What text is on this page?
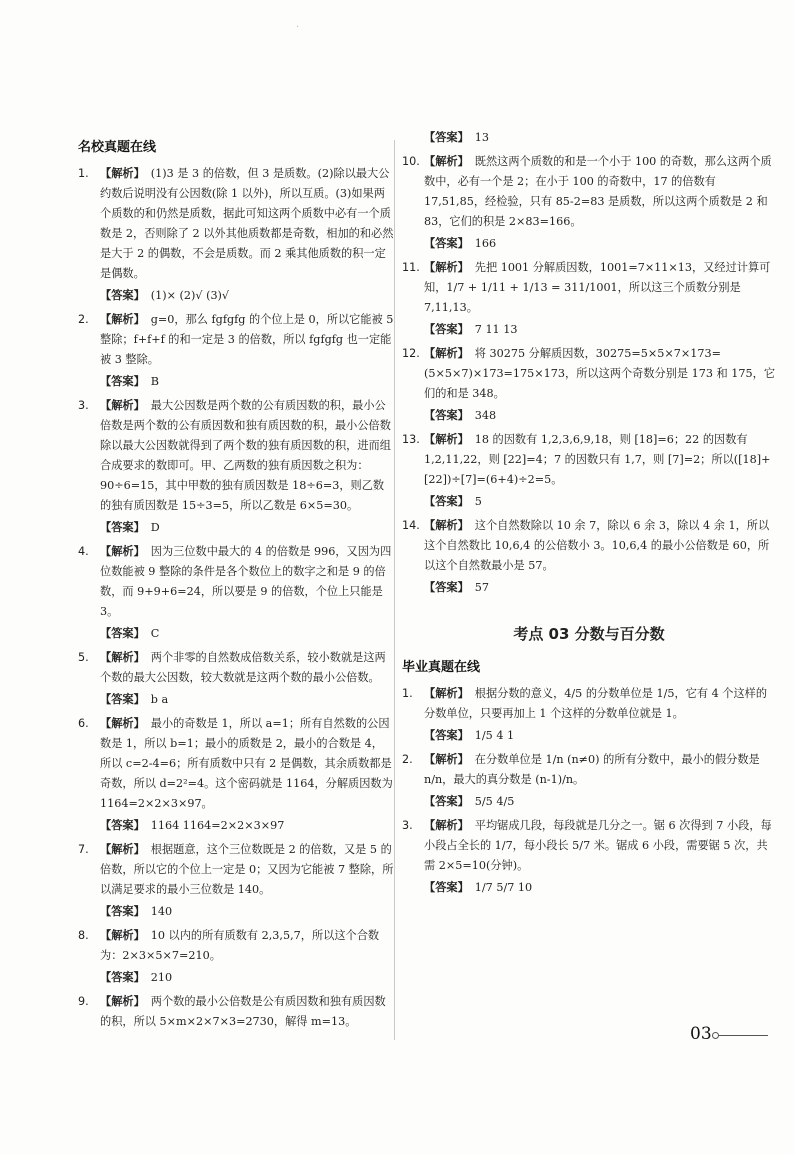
·
名校真题在线
1. 【解析】 (1)3 是 3 的倍数，但 3 是质数。(2)除以最大公约数后说明没有公因数(除 1 以外)，所以互质。(3)如果两个质数的和仍然是质数，据此可知这两个质数中必有一个质数是 2，否则除了 2 以外其他质数都是奇数，相加的和必然是大于 2 的偶数，不会是质数。而 2 乘其他质数的积一定是偶数。
【答案】 (1)× (2)√ (3)√
2. 【解析】 g=0，那么 fgfgfg 的个位上是 0，所以它能被 5 整除；f+f+f 的和一定是 3 的倍数，所以 fgfgfg 也一定能被 3 整除。
【答案】 B
3. 【解析】 最大公因数是两个数的公有质因数的积，最小公倍数是两个数的公有质因数和独有质因数的积，最小公倍数除以最大公因数就得到了两个数的独有质因数的积，进而组合成要求的数即可。甲、乙两数的独有质因数之积为：90÷6=15，其中甲数的独有质因数是 18÷6=3，则乙数的独有质因数是 15÷3=5，所以乙数是 6×5=30。
【答案】 D
4. 【解析】 因为三位数中最大的 4 的倍数是 996，又因为四位数能被 9 整除的条件是各个数位上的数字之和是 9 的倍数，而 9+9+6=24，所以要是 9 的倍数，个位上只能是 3。
【答案】 C
5. 【解析】 两个非零的自然数成倍数关系，较小数就是这两个数的最大公因数，较大数就是这两个数的最小公倍数。
【答案】 b a
6. 【解析】 最小的奇数是 1，所以 a=1；所有自然数的公因数是 1，所以 b=1；最小的质数是 2，最小的合数是 4，所以 c=2-4=6；所有质数中只有 2 是偶数，其余质数都是奇数，所以 d=2²=4。这个密码就是 1164，分解质因数为 1164=2×2×3×97。
【答案】 1164 1164=2×2×3×97
7. 【解析】 根据题意，这个三位数既是 2 的倍数，又是 5 的倍数，所以它的个位上一定是 0；又因为它能被 7 整除，所以满足要求的最小三位数是 140。
【答案】 140
8. 【解析】 10 以内的所有质数有 2,3,5,7，所以这个合数为：2×3×5×7=210。
【答案】 210
9. 【解析】 两个数的最小公倍数是公有质因数和独有质因数的积，所以 5×m×2×7×3=2730，解得 m=13。
【答案】 13
10. 【解析】 既然这两个质数的和是一个小于 100 的奇数，那么这两个质数中，必有一个是 2；在小于 100 的奇数中，17 的倍数有 17,51,85，经检验，只有 85-2=83 是质数，所以这两个质数是 2 和 83，它们的积是 2×83=166。
【答案】 166
11. 【解析】 先把 1001 分解质因数，1001=7×11×13，又经过计算可知，1/7 + 1/11 + 1/13 = 311/1001，所以这三个质数分别是 7,11,13。
【答案】 7 11 13
12. 【解析】 将 30275 分解质因数，30275=5×5×7×173=(5×5×7)×173=175×173，所以这两个奇数分别是 173 和 175，它们的和是 348。
【答案】 348
13. 【解析】 18 的因数有 1,2,3,6,9,18，则 [18]=6；22 的因数有 1,2,11,22，则 [22]=4；7 的因数只有 1,7，则 [7]=2；所以([18]+[22])÷[7]=(6+4)÷2=5。
【答案】 5
14. 【解析】 这个自然数除以 10 余 7，除以 6 余 3，除以 4 余 1，所以这个自然数比 10,6,4 的公倍数小 3。10,6,4 的最小公倍数是 60，所以这个自然数最小是 57。
【答案】 57
考点 03 分数与百分数
毕业真题在线
1. 【解析】 根据分数的意义，4/5 的分数单位是 1/5，它有 4 个这样的分数单位，只要再加上 1 个这样的分数单位就是 1。
【答案】 1/5 4 1
2. 【解析】 在分数单位是 1/n (n≠0) 的所有分数中，最小的假分数是 n/n，最大的真分数是 (n-1)/n。
【答案】 5/5 4/5
3. 【解析】 平均锯成几段，每段就是几分之一。锯 6 次得到 7 小段，每小段占全长的 1/7，每小段长 5/7 米。锯成 6 小段，需要锯 5 次，共需 2×5=10(分钟)。
【答案】 1/7 5/7 10
03
